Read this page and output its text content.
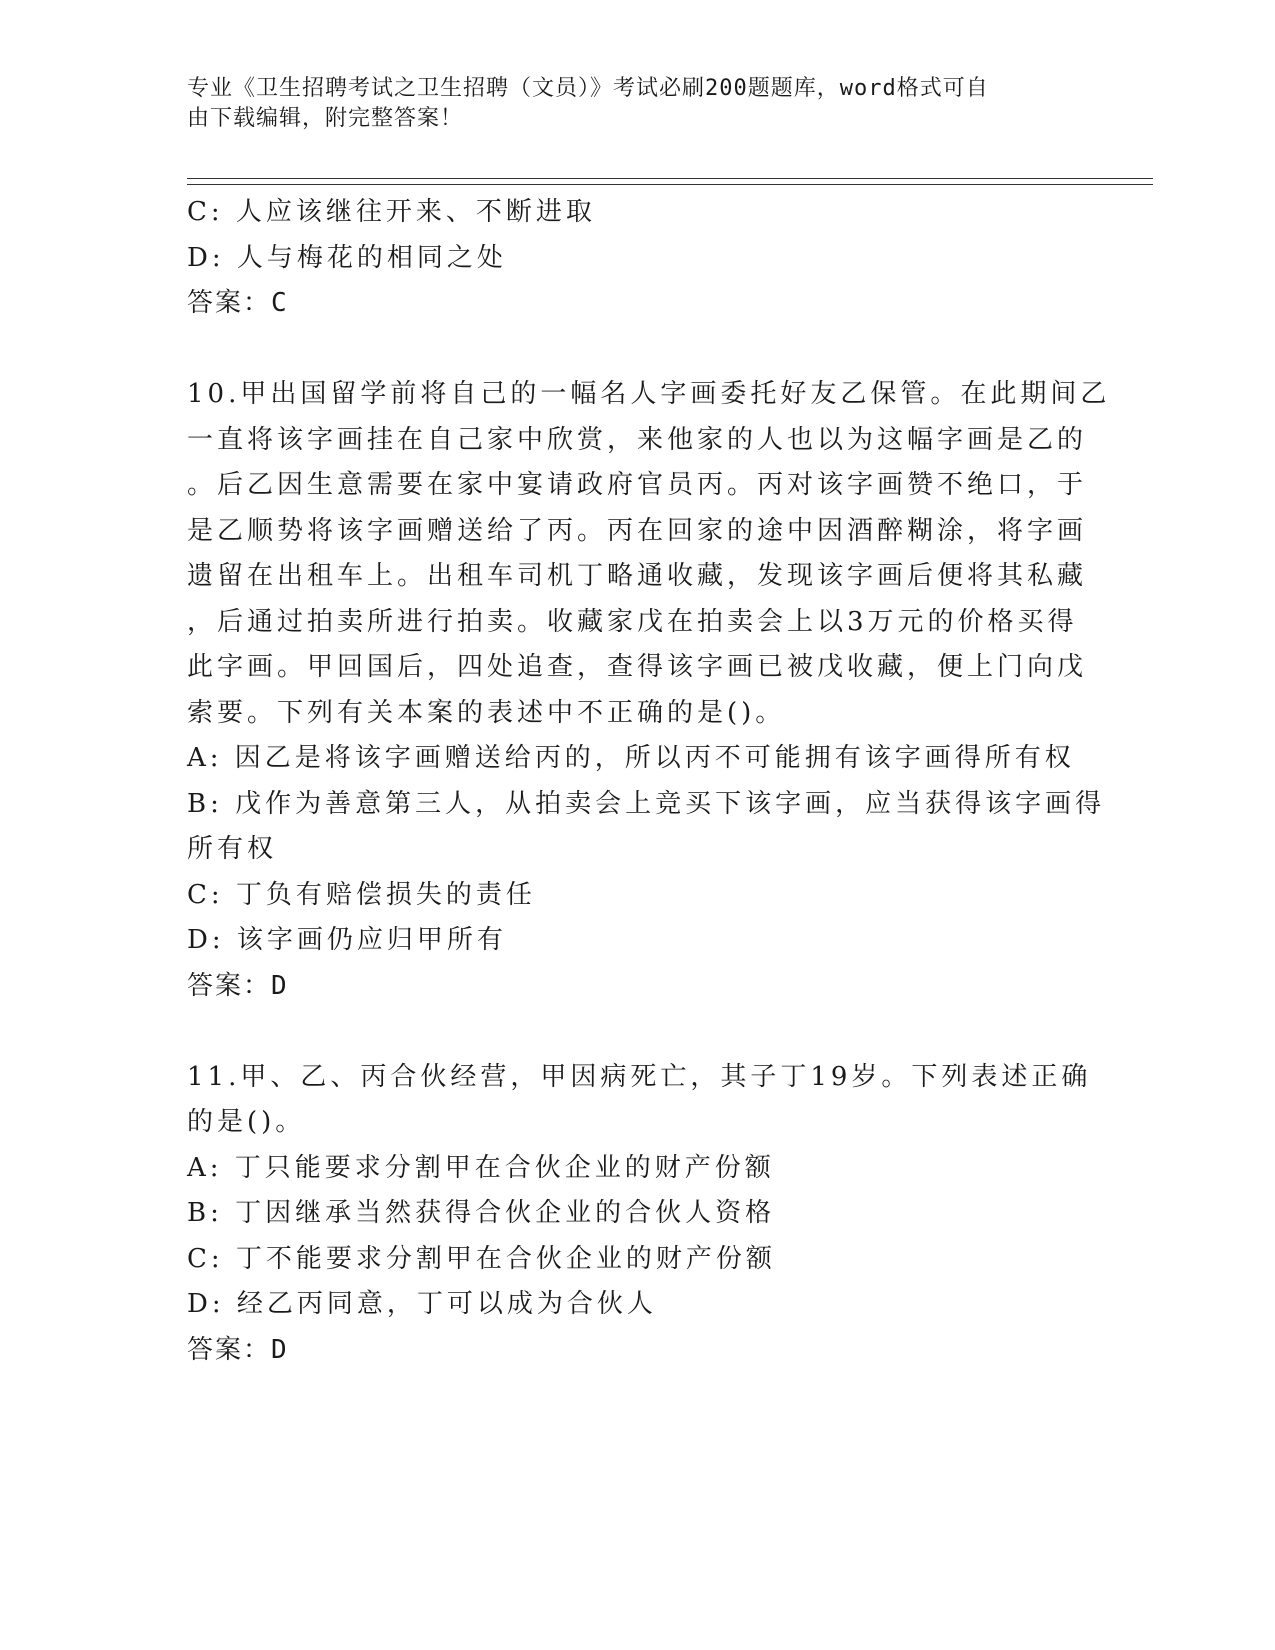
专业《卫生招聘考试之卫生招聘（文员）》考试必刷200题题库，word格式可自
由下载编辑，附完整答案！
C: 人应该继往开来、不断进取
D: 人与梅花的相同之处
答案：C
10.甲出国留学前将自己的一幅名人字画委托好友乙保管。在此期间乙
一直将该字画挂在自己家中欣赏，来他家的人也以为这幅字画是乙的
。后乙因生意需要在家中宴请政府官员丙。丙对该字画赞不绝口，于
是乙顺势将该字画赠送给了丙。丙在回家的途中因酒醉糊涂，将字画
遗留在出租车上。出租车司机丁略通收藏，发现该字画后便将其私藏
，后通过拍卖所进行拍卖。收藏家戊在拍卖会上以3万元的价格买得
此字画。甲回国后，四处追查，查得该字画已被戊收藏，便上门向戊
索要。下列有关本案的表述中不正确的是()。
A: 因乙是将该字画赠送给丙的，所以丙不可能拥有该字画得所有权
B: 戊作为善意第三人，从拍卖会上竞买下该字画，应当获得该字画得
所有权
C: 丁负有赔偿损失的责任
D: 该字画仍应归甲所有
答案：D
11.甲、乙、丙合伙经营，甲因病死亡，其子丁19岁。下列表述正确
的是()。
A: 丁只能要求分割甲在合伙企业的财产份额
B: 丁因继承当然获得合伙企业的合伙人资格
C: 丁不能要求分割甲在合伙企业的财产份额
D: 经乙丙同意，丁可以成为合伙人
答案：D
